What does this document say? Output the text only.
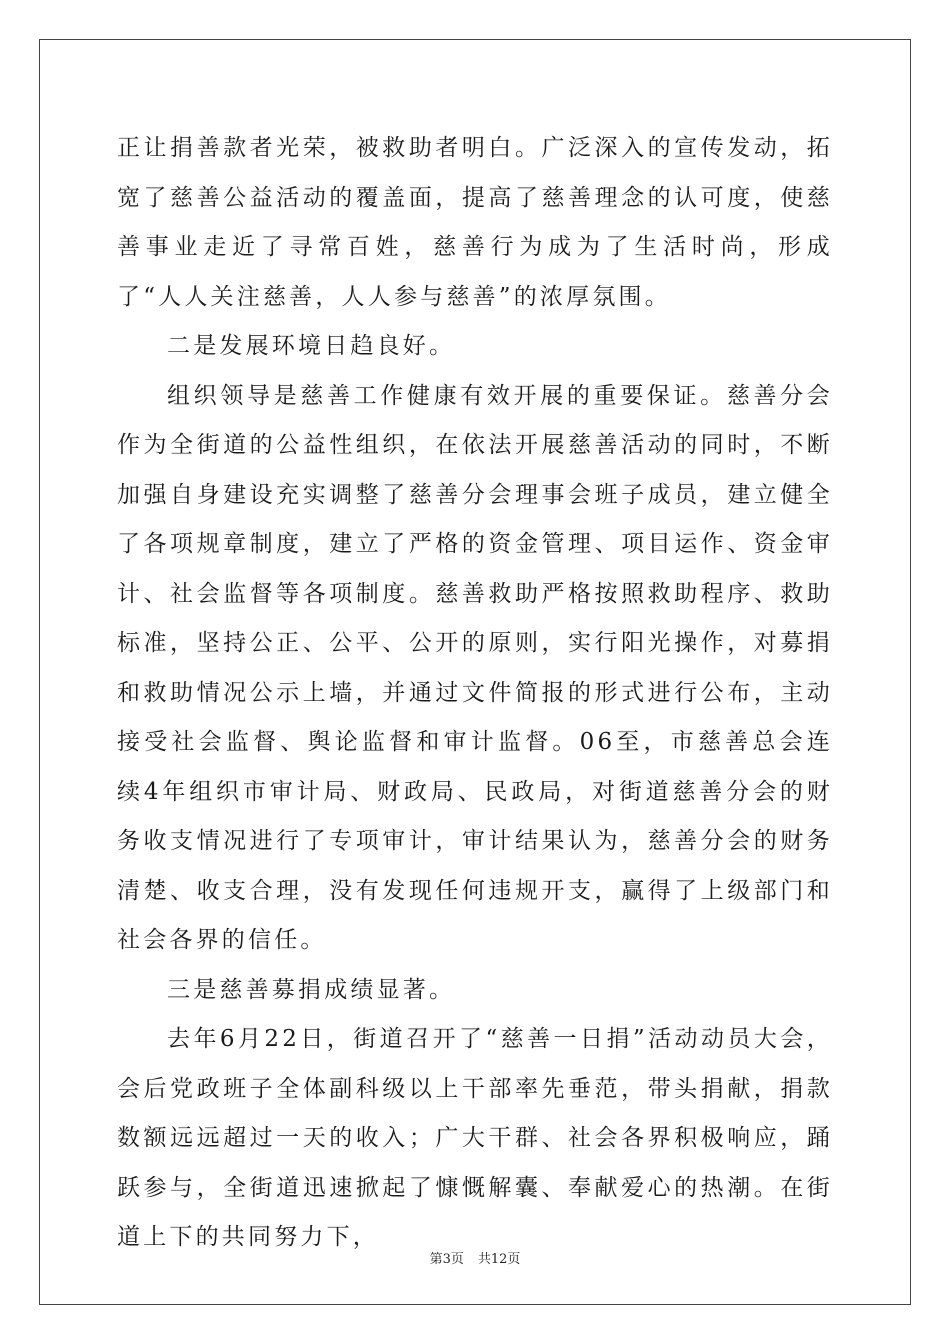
正让捐善款者光荣，被救助者明白。广泛深入的宣传发动，拓宽了慈善公益活动的覆盖面，提高了慈善理念的认可度，使慈善事业走近了寻常百姓，慈善行为成为了生活时尚，形成了“人人关注慈善，人人参与慈善”的浓厚氛围。

二是发展环境日趋良好。

组织领导是慈善工作健康有效开展的重要保证。慈善分会作为全街道的公益性组织，在依法开展慈善活动的同时，不断加强自身建设充实调整了慈善分会理事会班子成员，建立健全了各项规章制度，建立了严格的资金管理、项目运作、资金审计、社会监督等各项制度。慈善救助严格按照救助程序、救助标准，坚持公正、公平、公开的原则，实行阳光操作，对募捐和救助情况公示上墙，并通过文件简报的形式进行公布，主动接受社会监督、舆论监督和审计监督。06至，市慈善总会连续4年组织市审计局、财政局、民政局，对街道慈善分会的财务收支情况进行了专项审计，审计结果认为，慈善分会的财务清楚、收支合理，没有发现任何违规开支，赢得了上级部门和社会各界的信任。

三是慈善募捐成绩显著。

去年6月22日，街道召开了“慈善一日捐”活动动员大会，会后党政班子全体副科级以上干部率先垂范，带头捐献，捐款数额远远超过一天的收入；广大干群、社会各界积极响应，踊跃参与，全街道迅速掀起了慷慨解囊、奉献爱心的热潮。在街道上下的共同努力下，

第3页 共12页
